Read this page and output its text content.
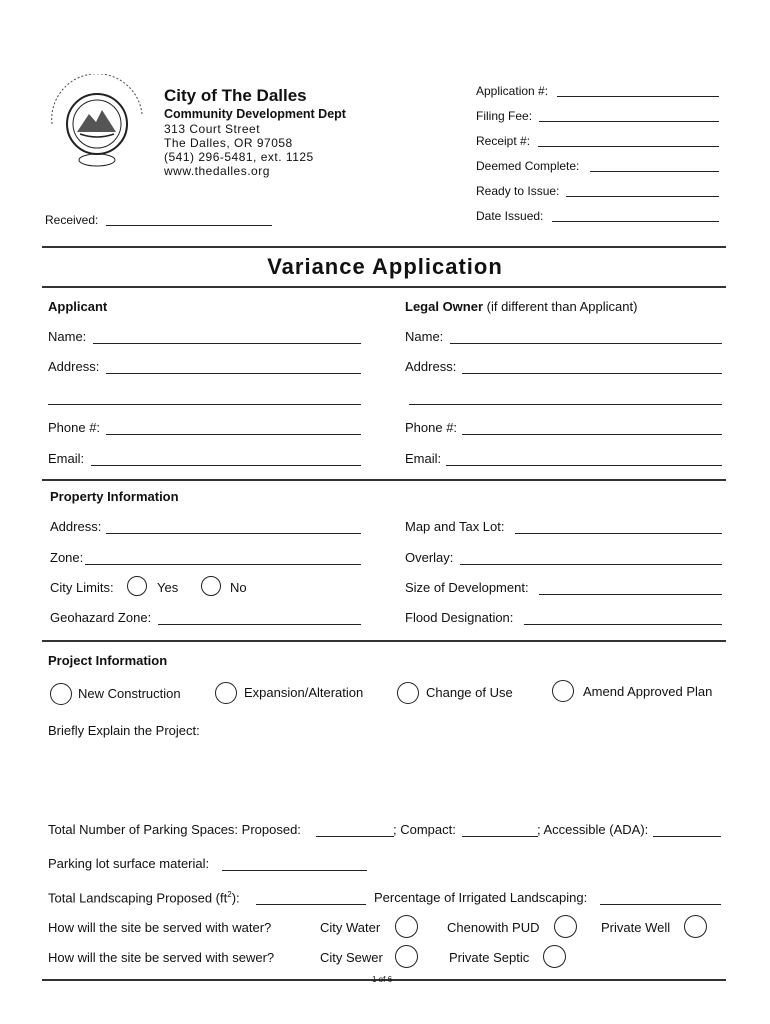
City of The Dalles
Community Development Dept
313 Court Street
The Dalles, OR 97058
(541) 296-5481, ext. 1125
www.thedalles.org
Application #:
Filing Fee:
Receipt #:
Deemed Complete:
Ready to Issue:
Date Issued:
Received:
Variance Application
Applicant
Name:
Address:
Phone #:
Email:
Legal Owner (if different than Applicant)
Name:
Address:
Phone #:
Email:
Property Information
Address:
Zone:
City Limits:	Yes	No
Geohazard Zone:
Map and Tax Lot:
Overlay:
Size of Development:
Flood Designation:
Project Information
New Construction	Expansion/Alteration	Change of Use	Amend Approved Plan
Briefly Explain the Project:
Total Number of Parking Spaces: Proposed:	; Compact:	; Accessible (ADA):
Parking lot surface material:
Total Landscaping Proposed $(ft^2)$:	Percentage of Irrigated Landscaping:
How will the site be served with water?	City Water	Chenowith PUD	Private Well
How will the site be served with sewer?	City Sewer	Private Septic
1 of 6
